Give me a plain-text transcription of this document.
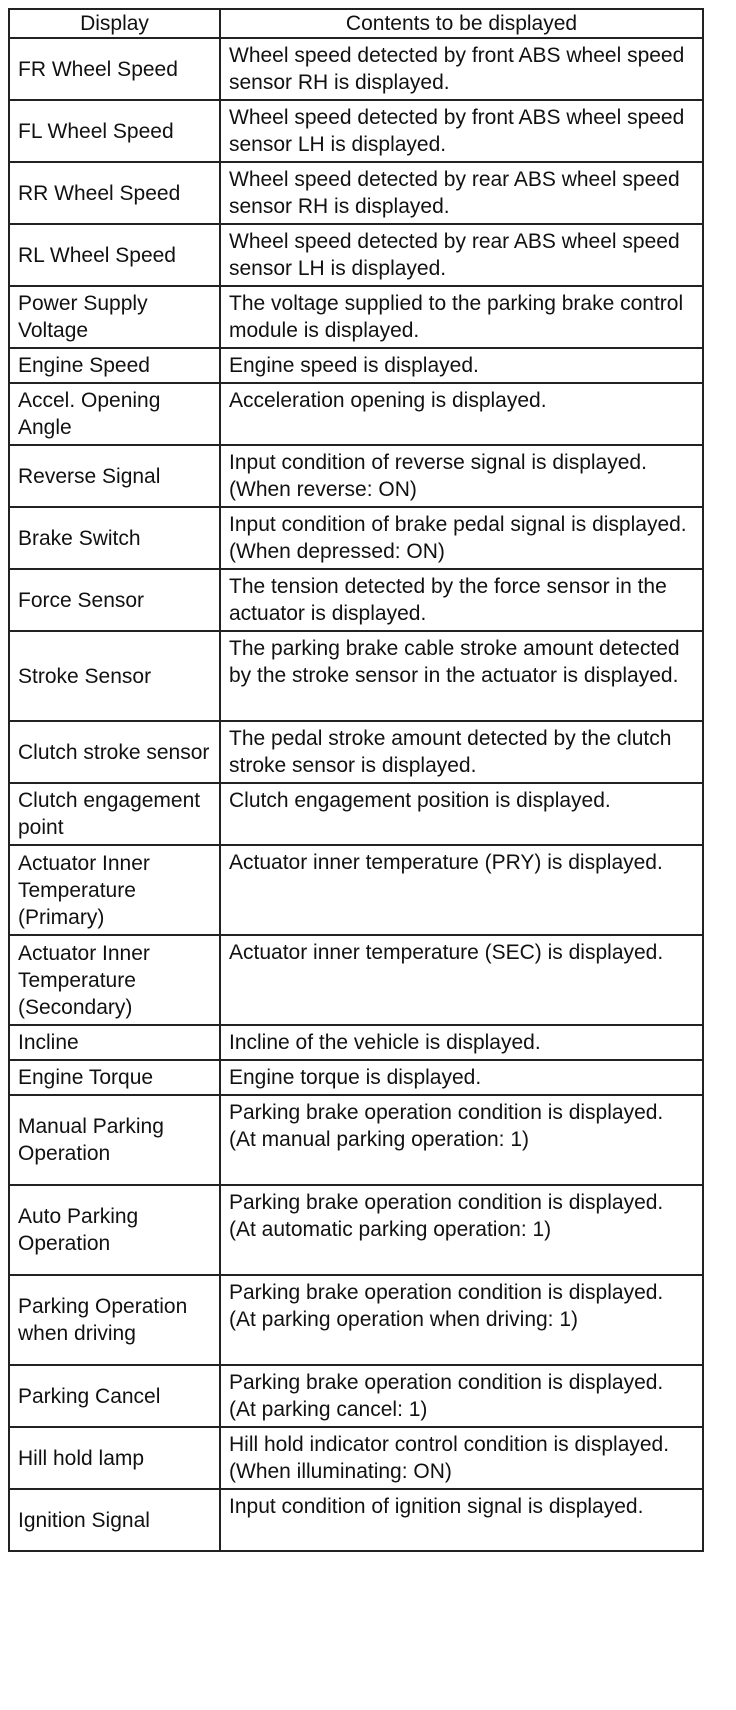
Display	Contents to be displayed
FR Wheel Speed	Wheel speed detected by front ABS wheel speed sensor RH is displayed.
FL Wheel Speed	Wheel speed detected by front ABS wheel speed sensor LH is displayed.
RR Wheel Speed	Wheel speed detected by rear ABS wheel speed sensor RH is displayed.
RL Wheel Speed	Wheel speed detected by rear ABS wheel speed sensor LH is displayed.
Power Supply Voltage	The voltage supplied to the parking brake control module is displayed.
Engine Speed	Engine speed is displayed.
Accel. Opening Angle	Acceleration opening is displayed.
Reverse Signal	Input condition of reverse signal is displayed. (When reverse: ON)
Brake Switch	Input condition of brake pedal signal is displayed. (When depressed: ON)
Force Sensor	The tension detected by the force sensor in the actuator is displayed.
Stroke Sensor	The parking brake cable stroke amount detected by the stroke sensor in the actuator is displayed.
Clutch stroke sensor	The pedal stroke amount detected by the clutch stroke sensor is displayed.
Clutch engagement point	Clutch engagement position is displayed.
Actuator Inner Temperature (Primary)	Actuator inner temperature (PRY) is displayed.
Actuator Inner Temperature (Secondary)	Actuator inner temperature (SEC) is displayed.
Incline	Incline of the vehicle is displayed.
Engine Torque	Engine torque is displayed.
Manual Parking Operation	Parking brake operation condition is displayed. (At manual parking operation: 1)
Auto Parking Operation	Parking brake operation condition is displayed. (At automatic parking operation: 1)
Parking Operation when driving	Parking brake operation condition is displayed. (At parking operation when driving: 1)
Parking Cancel	Parking brake operation condition is displayed. (At parking cancel: 1)
Hill hold lamp	Hill hold indicator control condition is displayed. (When illuminating: ON)
Ignition Signal	Input condition of ignition signal is displayed.
